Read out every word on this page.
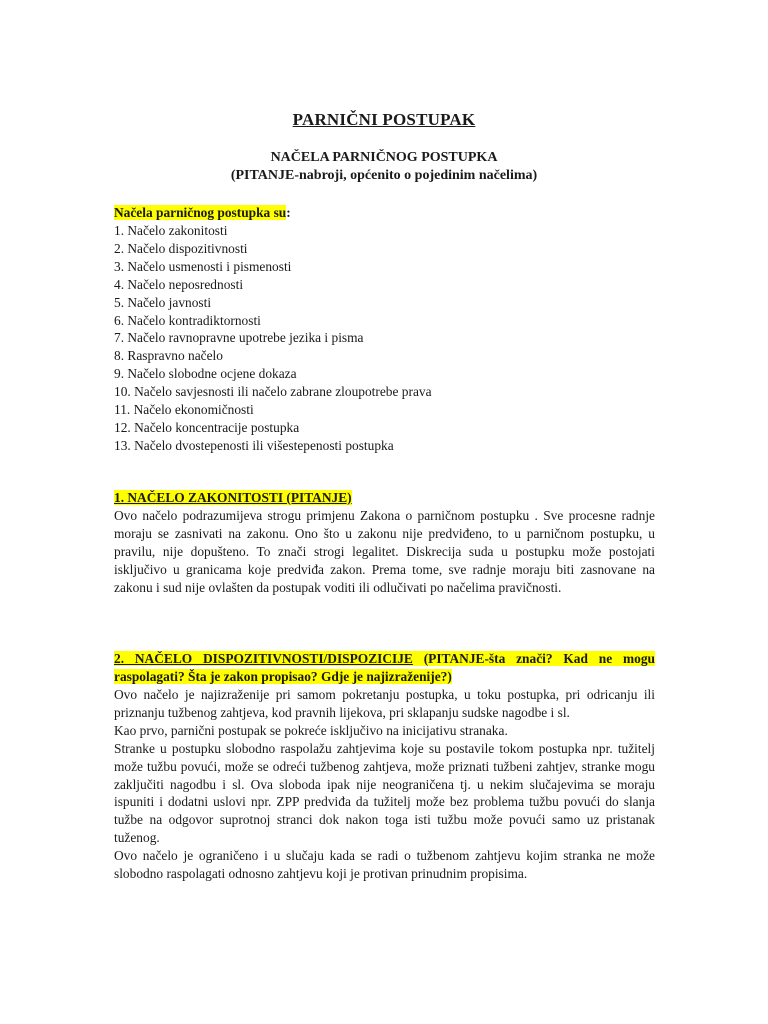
PARNIČNI POSTUPAK
NAČELA PARNIČNOG POSTUPKA
(PITANJE-nabroji, općenito o pojedinim načelima)
Načela parničnog postupka su:
1. Načelo zakonitosti
2. Načelo dispozitivnosti
3. Načelo usmenosti i pismenosti
4. Načelo neposrednosti
5. Načelo javnosti
6. Načelo kontradiktornosti
7. Načelo ravnopravne upotrebe jezika i pisma
8. Raspravno načelo
9. Načelo slobodne ocjene dokaza
10. Načelo savjesnosti ili načelo zabrane zloupotrebe prava
11. Načelo ekonomičnosti
12. Načelo koncentracije postupka
13. Načelo dvostepenosti ili višestepenosti postupka
1. NAČELO ZAKONITOSTI (PITANJE)

Ovo načelo podrazumijeva strogu primjenu Zakona o parničnom postupku . Sve procesne radnje moraju se zasnivati na zakonu. Ono što u zakonu nije predviđeno, to u parničnom postupku, u pravilu, nije dopušteno. To znači strogi legalitet. Diskrecija suda u postupku može postojati isključivo u granicama koje predviđa zakon. Prema tome, sve radnje moraju biti zasnovane na zakonu i sud nije ovlašten da postupak voditi ili odlučivati po načelima pravičnosti.

2. NAČELO DISPOZITIVNOSTI/DISPOZICIJE (PITANJE-šta znači? Kad ne mogu raspolagati? Šta je zakon propisao? Gdje je najizraženije?)

Ovo načelo je najizraženije pri samom pokretanju postupka, u toku postupka, pri odricanju ili priznanju tužbenog zahtjeva, kod pravnih lijekova, pri sklapanju sudske nagodbe i sl.

Kao prvo, parnični postupak se pokreće isključivo na inicijativu stranaka.

Stranke u postupku slobodno raspolažu zahtjevima koje su postavile tokom postupka npr. tužitelj može tužbu povući, može se odreći tužbenog zahtjeva, može priznati tužbeni zahtjev, stranke mogu zaključiti nagodbu i sl. Ova sloboda ipak nije neograničena tj. u nekim slučajevima se moraju ispuniti i dodatni uslovi npr. ZPP predviđa da tužitelj može bez problema tužbu povući do slanja tužbe na odgovor suprotnoj stranci dok nakon toga isti tužbu može povući samo uz pristanak tuženog.

Ovo načelo je ograničeno i u slučaju kada se radi o tužbenom zahtjevu kojim stranka ne može slobodno raspolagati odnosno zahtjevu koji je protivan prinudnim propisima.
